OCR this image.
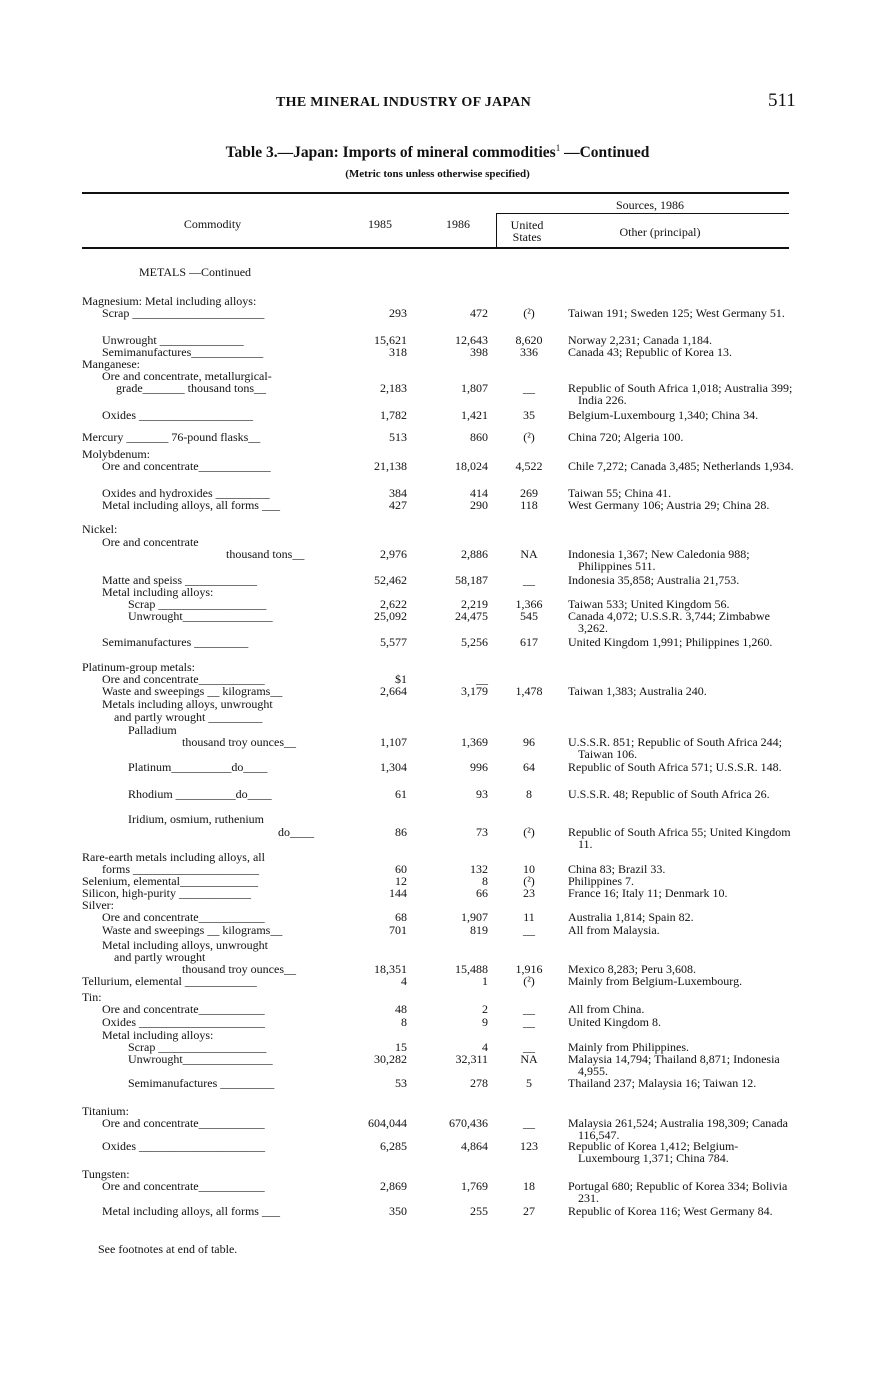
THE MINERAL INDUSTRY OF JAPAN	511
Table 3.—Japan: Imports of mineral commodities$^1$ —Continued
(Metric tons unless otherwise specified)
Commodity	1985	1986
Sources, 1986
United States	Other (principal)
METALS —Continued
Magnesium: Metal including alloys:
Scrap ______________________	293	472	(²)	Taiwan 191; Sweden 125; West Germany 51.
Unwrought ______________	15,621	12,643	8,620	Norway 2,231; Canada 1,184.
Semimanufactures____________	318	398	336	Canada 43; Republic of Korea 13.
Manganese:
Ore and concentrate, metallurgical-
grade_______ thousand tons__	2,183	1,807	__	Republic of South Africa 1,018; Australia 399; India 226.
Oxides ___________________	1,782	1,421	35	Belgium-Luxembourg 1,340; China 34.
Mercury _______ 76-pound flasks__	513	860	(²)	China 720; Algeria 100.
Molybdenum:
Ore and concentrate____________	21,138	18,024	4,522	Chile 7,272; Canada 3,485; Netherlands 1,934.
Oxides and hydroxides _________	384	414	269	Taiwan 55; China 41.
Metal including alloys, all forms ___	427	290	118	West Germany 106; Austria 29; China 28.
Nickel:
Ore and concentrate
thousand tons__	2,976	2,886	NA	Indonesia 1,367; New Caledonia 988; Philippines 511.
Matte and speiss ____________	52,462	58,187	__	Indonesia 35,858; Australia 21,753.
Metal including alloys:
Scrap __________________	2,622	2,219	1,366	Taiwan 533; United Kingdom 56.
Unwrought_______________	25,092	24,475	545	Canada 4,072; U.S.S.R. 3,744; Zimbabwe 3,262.
Semimanufactures _________	5,577	5,256	617	United Kingdom 1,991; Philippines 1,260.
Platinum-group metals:
Ore and concentrate___________	$1	__
Waste and sweepings __ kilograms__	2,664	3,179	1,478	Taiwan 1,383; Australia 240.
Metals including alloys, unwrought
and partly wrought _________
Palladium
thousand troy ounces__	1,107	1,369	96	U.S.S.R. 851; Republic of South Africa 244; Taiwan 106.
Platinum__________do____	1,304	996	64	Republic of South Africa 571; U.S.S.R. 148.
Rhodium __________do____	61	93	8	U.S.S.R. 48; Republic of South Africa 26.
Iridium, osmium, ruthenium
do____	86	73	(²)	Republic of South Africa 55; United Kingdom 11.
Rare-earth metals including alloys, all
forms _____________________	60	132	10	China 83; Brazil 33.
Selenium, elemental_____________	12	8	(²)	Philippines 7.
Silicon, high-purity ____________	144	66	23	France 16; Italy 11; Denmark 10.
Silver:
Ore and concentrate___________	68	1,907	11	Australia 1,814; Spain 82.
Waste and sweepings __ kilograms__	701	819	__	All from Malaysia.
Metal including alloys, unwrought
and partly wrought
thousand troy ounces__	18,351	15,488	1,916	Mexico 8,283; Peru 3,608.
Tellurium, elemental ____________	4	1	(²)	Mainly from Belgium-Luxembourg.
Tin:
Ore and concentrate___________	48	2	__	All from China.
Oxides _____________________	8	9	__	United Kingdom 8.
Metal including alloys:
Scrap __________________	15	4	__	Mainly from Philippines.
Unwrought_______________	30,282	32,311	NA	Malaysia 14,794; Thailand 8,871; Indonesia 4,955.
Semimanufactures _________	53	278	5	Thailand 237; Malaysia 16; Taiwan 12.
Titanium:
Ore and concentrate___________	604,044	670,436	__	Malaysia 261,524; Australia 198,309; Canada 116,547.
Oxides _____________________	6,285	4,864	123	Republic of Korea 1,412; Belgium-Luxembourg 1,371; China 784.
Tungsten:
Ore and concentrate___________	2,869	1,769	18	Portugal 680; Republic of Korea 334; Bolivia 231.
Metal including alloys, all forms ___	350	255	27	Republic of Korea 116; West Germany 84.
See footnotes at end of table.
